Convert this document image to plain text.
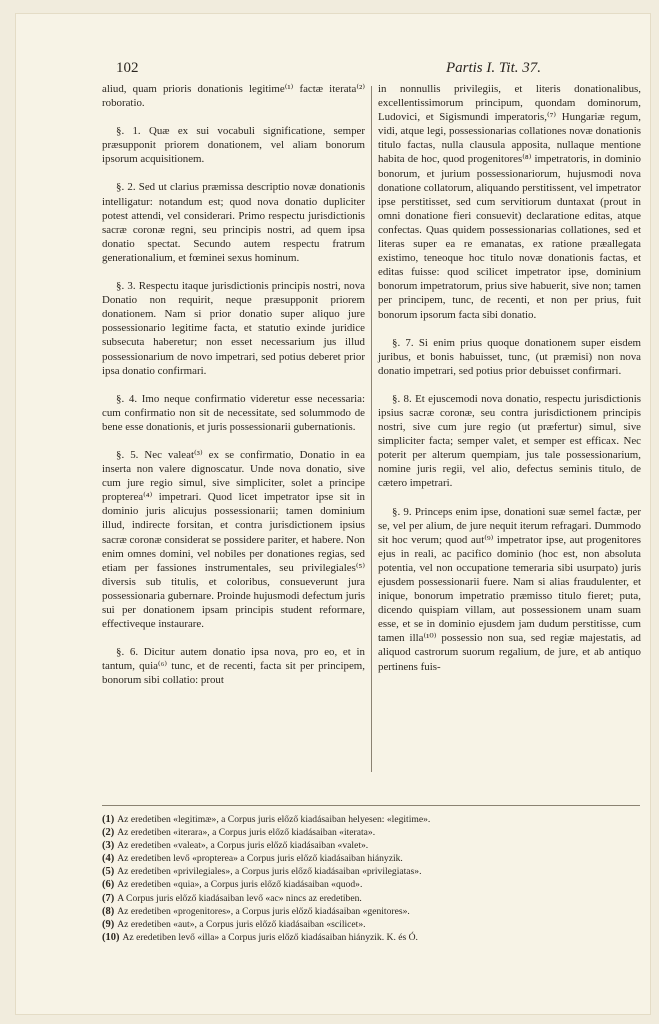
102	Partis I. Tit. 37.

aliud, quam prioris donationis legitime⁽¹⁾ factæ iterata⁽²⁾ roboratio.

§. 1. Quæ ex sui vocabuli significatione, semper præsupponit priorem donationem, vel aliam bonorum ipsorum acquisitionem.

§. 2. Sed ut clarius præmissa descriptio novæ donationis intelligatur: notandum est; quod nova donatio dupliciter potest attendi, vel considerari. Primo respectu jurisdictionis sacræ coronæ regni, seu principis nostri, ad quem ipsa donatio spectat. Secundo autem respectu fratrum generationalium, et fœminei sexus hominum.

§. 3. Respectu itaque jurisdictionis principis nostri, nova Donatio non requirit, neque præsupponit priorem donationem. Nam si prior donatio super aliquo jure possessionario legitime facta, et statutio exinde juridice subsecuta haberetur; non esset necessarium jus illud possessionarium de novo impetrari, sed potius deberet prior ipsa donatio confirmari.

§. 4. Imo neque confirmatio videretur esse necessaria: cum confirmatio non sit de necessitate, sed solummodo de bene esse donationis, et juris possessionarii gubernationis.

§. 5. Nec valeat⁽³⁾ ex se confirmatio, Donatio in ea inserta non valere dignoscatur. Unde nova donatio, sive cum jure regio simul, sive simpliciter, solet a principe propterea⁽⁴⁾ impetrari. Quod licet impetrator ipse sit in dominio juris alicujus possessionarii; tamen dominium illud, indirecte forsitan, et contra jurisdictionem ipsius sacræ coronæ considerat se possidere pariter, et habere. Non enim omnes domini, vel nobiles per donationes regias, sed etiam per fassiones instrumentales, seu privilegiales⁽⁵⁾ diversis sub titulis, et coloribus, consueverunt jura possessionaria gubernare. Proinde hujusmodi defectum juris sui per donationem ipsam principis student reformare, effectiveque instaurare.

§. 6. Dicitur autem donatio ipsa nova, pro eo, et in tantum, quia⁽⁶⁾ tunc, et de recenti, facta sit per principem, bonorum sibi collatio: prout

in nonnullis privilegiis, et literis donationalibus, excellentissimorum principum, quondam dominorum, Ludovici, et Sigismundi imperatoris,⁽⁷⁾ Hungariæ regum, vidi, atque legi, possessionarias collationes novæ donationis titulo factas, nulla clausula apposita, nullaque mentione habita de hoc, quod progenitores⁽⁸⁾ impetratoris, in dominio bonorum, et jurium possessionariorum, hujusmodi nova donatione collatorum, aliquando perstitissent, vel impetrator ipse perstitisset, sed cum servitiorum duntaxat (prout in omni donatione fieri consuevit) declaratione editas, atque confectas. Quas quidem possessionarias collationes, sed et literas super ea re emanatas, ex ratione præallegata existimo, teneoque hoc titulo novæ donationis factas, et editas fuisse: quod scilicet impetrator ipse, dominium bonorum impetratorum, prius sive habuerit, sive non; tamen per principem, tunc, de recenti, et non per prius, fuit bonorum ipsorum facta sibi donatio.

§. 7. Si enim prius quoque donationem super eisdem juribus, et bonis habuisset, tunc, (ut præmisi) non nova donatio impetrari, sed potius prior debuisset confirmari.

§. 8. Et ejuscemodi nova donatio, respectu jurisdictionis ipsius sacræ coronæ, seu contra jurisdictionem principis nostri, sive cum jure regio (ut præfertur) simul, sive simpliciter facta; semper valet, et semper est efficax. Nec poterit per alterum quempiam, jus tale possessionarium, nomine juris regii, vel alio, defectus seminis titulo, de cætero impetrari.

§. 9. Princeps enim ipse, donationi suæ semel factæ, per se, vel per alium, de jure nequit iterum refragari. Dummodo sit hoc verum; quod aut⁽⁹⁾ impetrator ipse, aut progenitores ejus in reali, ac pacifico dominio (hoc est, non absoluta potentia, vel non occupatione temeraria sibi usurpato) juris ejusdem possessionarii fuere. Nam si alias fraudulenter, et inique, bonorum impetratio præmisso titulo fieret; puta, dicendo quispiam villam, aut possessionem unam suam esse, et se in dominio ejusdem jam dudum perstitisse, cum tamen illa⁽¹⁰⁾ possessio non sua, sed regiæ majestatis, ad aliquod castrorum suorum regalium, de jure, et ab antiquo pertinens fuis-

(1) Az eredetiben «legitimæ», a Corpus juris előző kiadásaiban helyesen: «legitime».
(2) Az eredetiben «iterara», a Corpus juris előző kiadásaiban «iterata».
(3) Az eredetiben «valeat», a Corpus juris előző kiadásaiban «valet».
(4) Az eredetiben levő «propterea» a Corpus juris előző kiadásaiban hiányzik.
(5) Az eredetiben «privilegiales», a Corpus juris előző kiadásaiban «privilegiatas».
(6) Az eredetiben «quia», a Corpus juris előző kiadásaiban «quod».
(7) A Corpus juris előző kiadásaiban levő «ac» nincs az eredetiben.
(8) Az eredetiben «progenitores», a Corpus juris előző kiadásaiban «genitores».
(9) Az eredetiben «aut», a Corpus juris előző kiadásaiban «scilicet».
(10) Az eredetiben levő «illa» a Corpus juris előző kiadásaiban hiányzik. K. és Ó.
